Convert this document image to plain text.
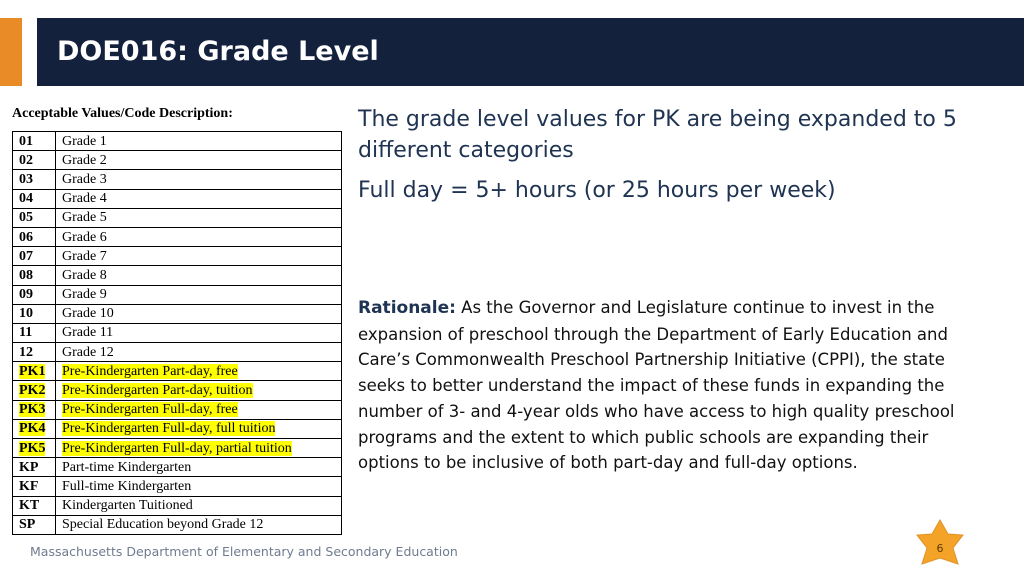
DOE016: Grade Level
Acceptable Values/Code Description:
01	Grade 1
02	Grade 2
03	Grade 3
04	Grade 4
05	Grade 5
06	Grade 6
07	Grade 7
08	Grade 8
09	Grade 9
10	Grade 10
11	Grade 11
12	Grade 12
PK1	Pre-Kindergarten Part-day, free
PK2	Pre-Kindergarten Part-day, tuition
PK3	Pre-Kindergarten Full-day, free
PK4	Pre-Kindergarten Full-day, full tuition
PK5	Pre-Kindergarten Full-day, partial tuition
KP	Part-time Kindergarten
KF	Full-time Kindergarten
KT	Kindergarten Tuitioned
SP	Special Education beyond Grade 12

The grade level values for PK are being expanded to 5 different categories

Full day = 5+ hours (or 25 hours per week)

Rationale: As the Governor and Legislature continue to invest in the expansion of preschool through the Department of Early Education and Care’s Commonwealth Preschool Partnership Initiative (CPPI), the state seeks to better understand the impact of these funds in expanding the number of 3- and 4-year olds who have access to high quality preschool programs and the extent to which public schools are expanding their options to be inclusive of both part-day and full-day options.
Massachusetts Department of Elementary and Secondary Education	6
